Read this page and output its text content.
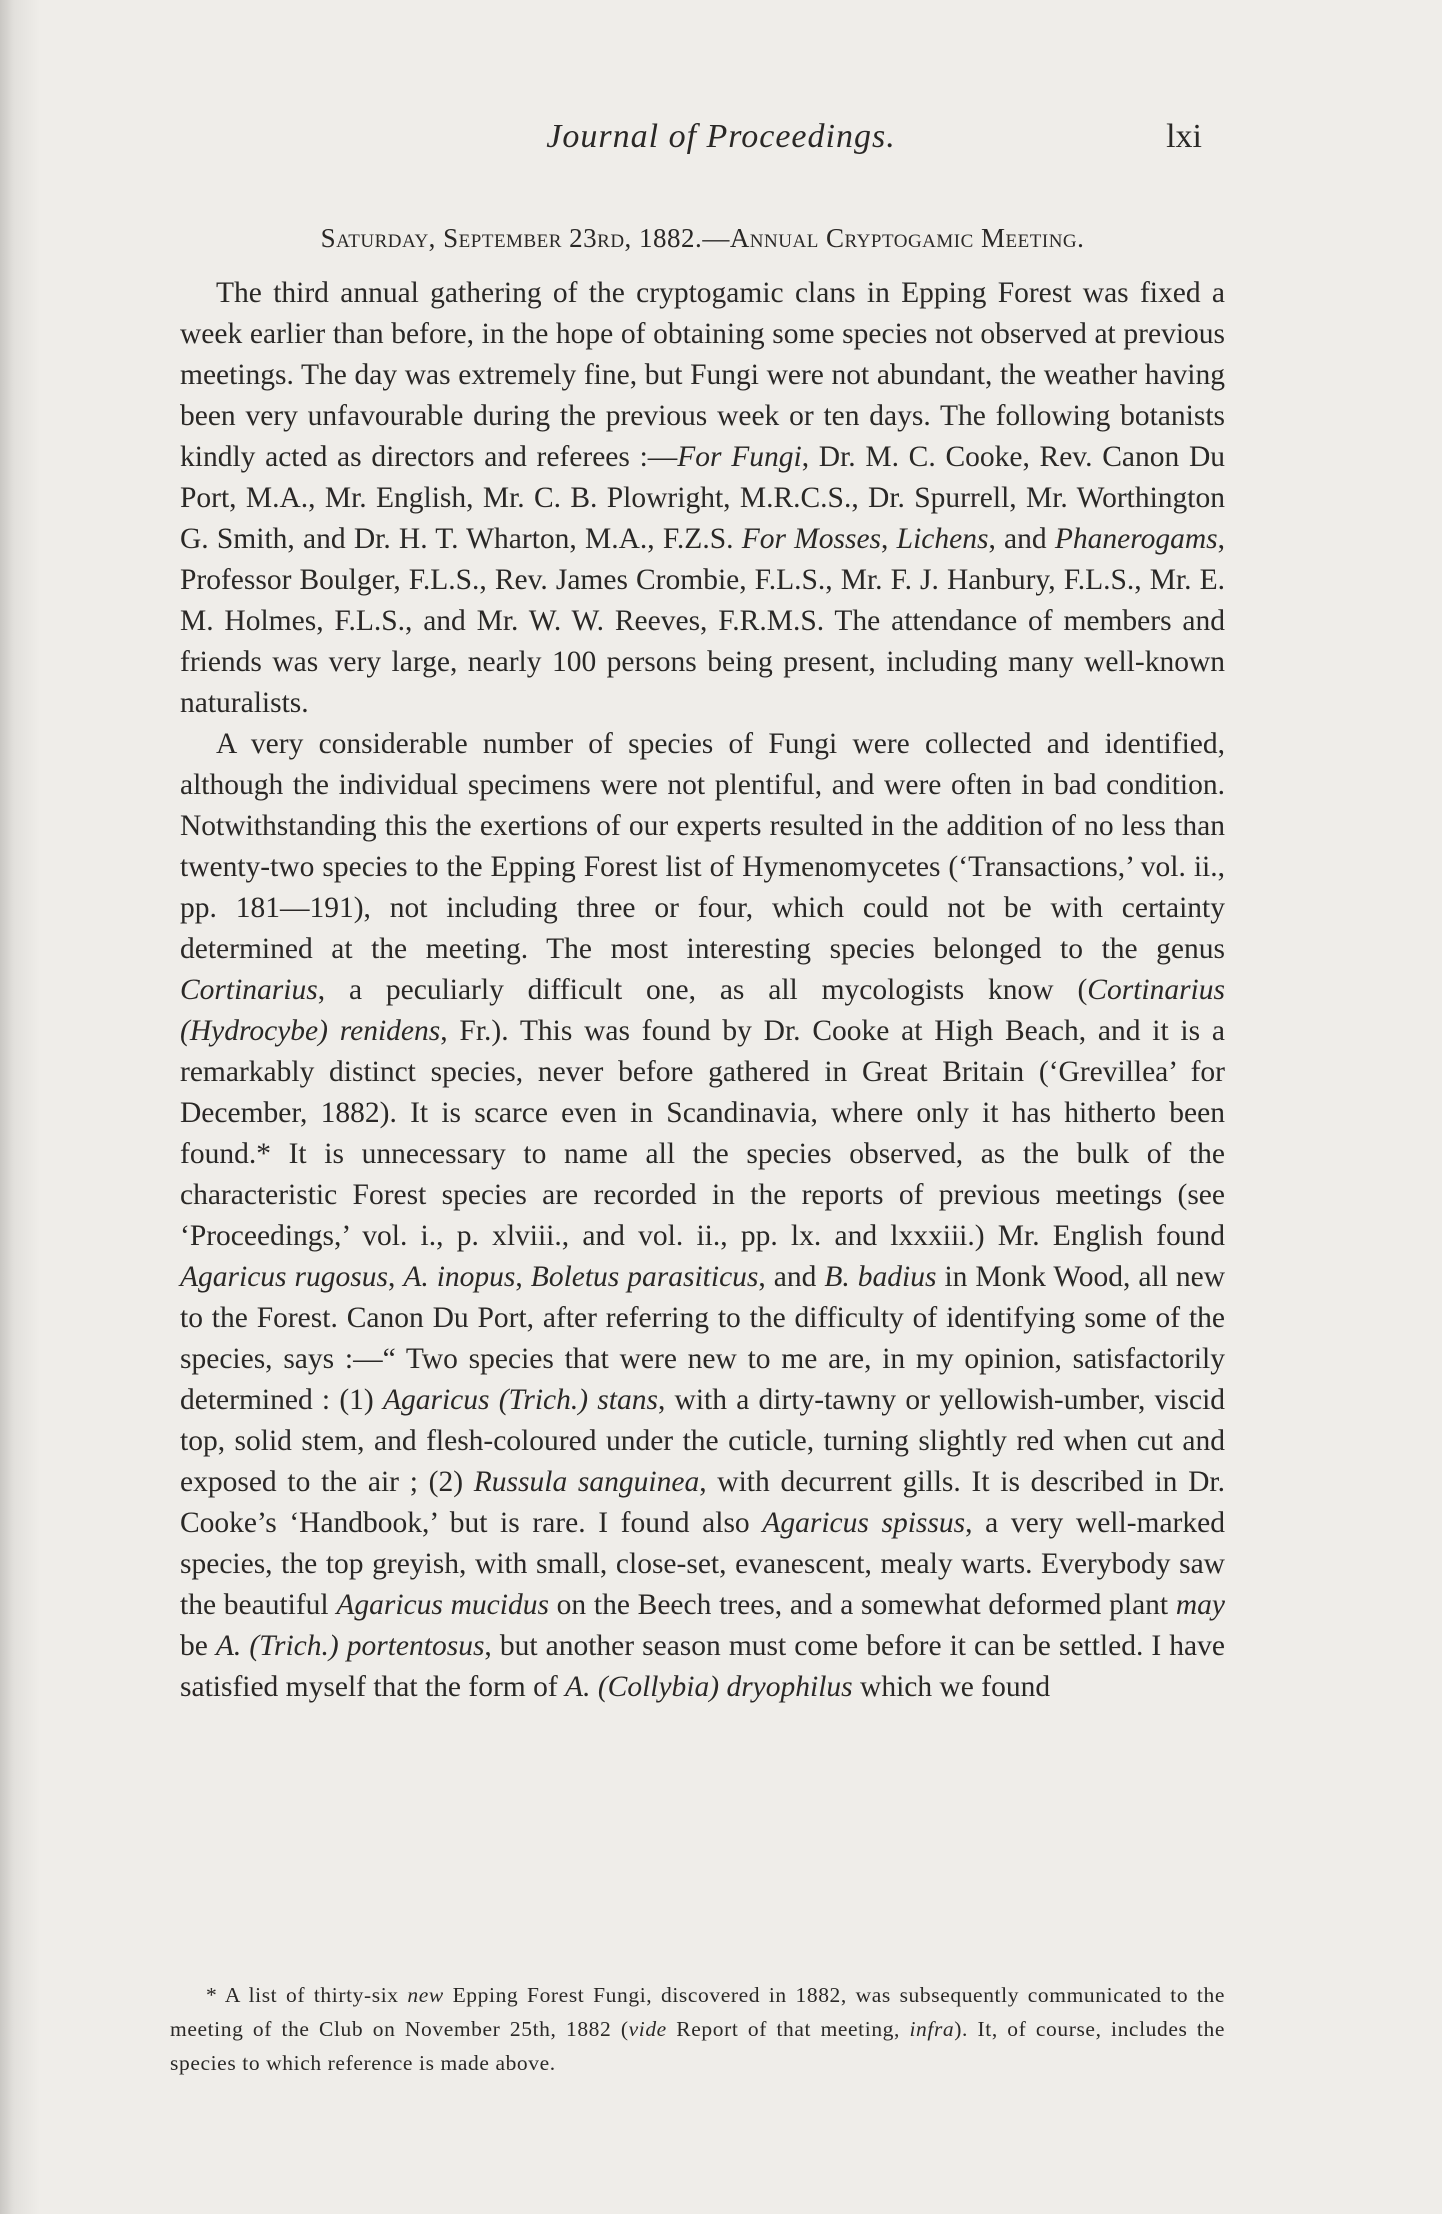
Journal of Proceedings.	lxi
Saturday, September 23rd, 1882.—Annual Cryptogamic Meeting.

The third annual gathering of the cryptogamic clans in Epping Forest was fixed a week earlier than before, in the hope of obtaining some species not observed at previous meetings. The day was extremely fine, but Fungi were not abundant, the weather having been very unfavourable during the previous week or ten days. The following botanists kindly acted as directors and referees :—For Fungi, Dr. M. C. Cooke, Rev. Canon Du Port, M.A., Mr. English, Mr. C. B. Plowright, M.R.C.S., Dr. Spurrell, Mr. Worthington G. Smith, and Dr. H. T. Wharton, M.A., F.Z.S. For Mosses, Lichens, and Phanerogams, Professor Boulger, F.L.S., Rev. James Crombie, F.L.S., Mr. F. J. Hanbury, F.L.S., Mr. E. M. Holmes, F.L.S., and Mr. W. W. Reeves, F.R.M.S. The attendance of members and friends was very large, nearly 100 persons being present, including many well-known naturalists.

A very considerable number of species of Fungi were collected and identified, although the individual specimens were not plentiful, and were often in bad condition. Notwithstanding this the exertions of our experts resulted in the addition of no less than twenty-two species to the Epping Forest list of Hymenomycetes (‘Transactions,’ vol. ii., pp. 181—191), not including three or four, which could not be with certainty determined at the meeting. The most interesting species belonged to the genus Cortinarius, a peculiarly difficult one, as all mycologists know (Cortinarius (Hydrocybe) renidens, Fr.). This was found by Dr. Cooke at High Beach, and it is a remarkably distinct species, never before gathered in Great Britain (‘Grevillea’ for December, 1882). It is scarce even in Scandinavia, where only it has hitherto been found.* It is unnecessary to name all the species observed, as the bulk of the characteristic Forest species are recorded in the reports of previous meetings (see ‘Proceedings,’ vol. i., p. xlviii., and vol. ii., pp. lx. and lxxxiii.) Mr. English found Agaricus rugosus, A. inopus, Boletus parasiticus, and B. badius in Monk Wood, all new to the Forest. Canon Du Port, after referring to the difficulty of identifying some of the species, says :—“ Two species that were new to me are, in my opinion, satisfactorily determined : (1) Agaricus (Trich.) stans, with a dirty-tawny or yellowish-umber, viscid top, solid stem, and flesh-coloured under the cuticle, turning slightly red when cut and exposed to the air ; (2) Russula sanguinea, with decurrent gills. It is described in Dr. Cooke’s ‘Handbook,’ but is rare. I found also Agaricus spissus, a very well-marked species, the top greyish, with small, close-set, evanescent, mealy warts. Everybody saw the beautiful Agaricus mucidus on the Beech trees, and a somewhat deformed plant may be A. (Trich.) portentosus, but another season must come before it can be settled. I have satisfied myself that the form of A. (Collybia) dryophilus which we found

* A list of thirty-six new Epping Forest Fungi, discovered in 1882, was subsequently communicated to the meeting of the Club on November 25th, 1882 (vide Report of that meeting, infra). It, of course, includes the species to which reference is made above.
